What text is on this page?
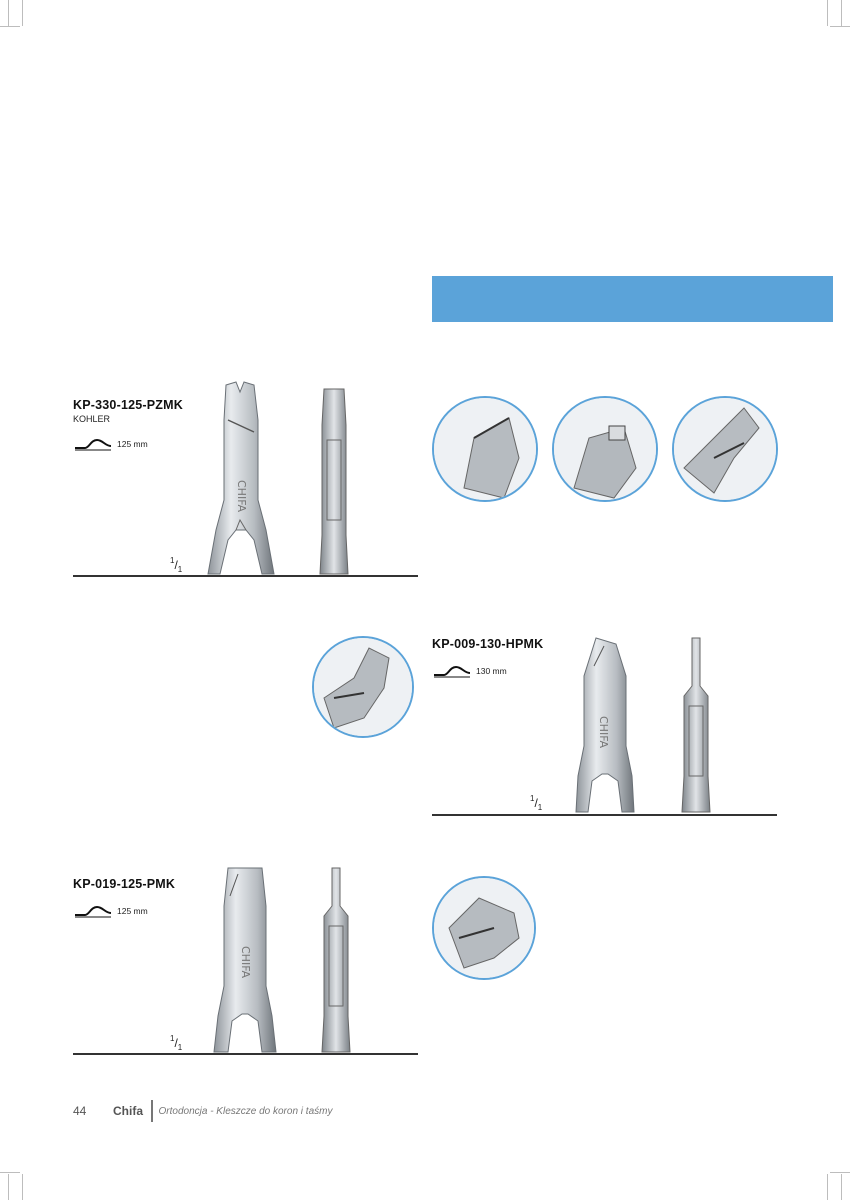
KP-330-125-PZMK
KOHLER
125 mm
$^1/_1$
CHIFA
KP-009-130-HPMK
130 mm
$^1/_1$
CHIFA
KP-019-125-PMK
125 mm
$^1/_1$
CHIFA
44	Chifa	Ortodoncja - Kleszcze do koron i taśmy
